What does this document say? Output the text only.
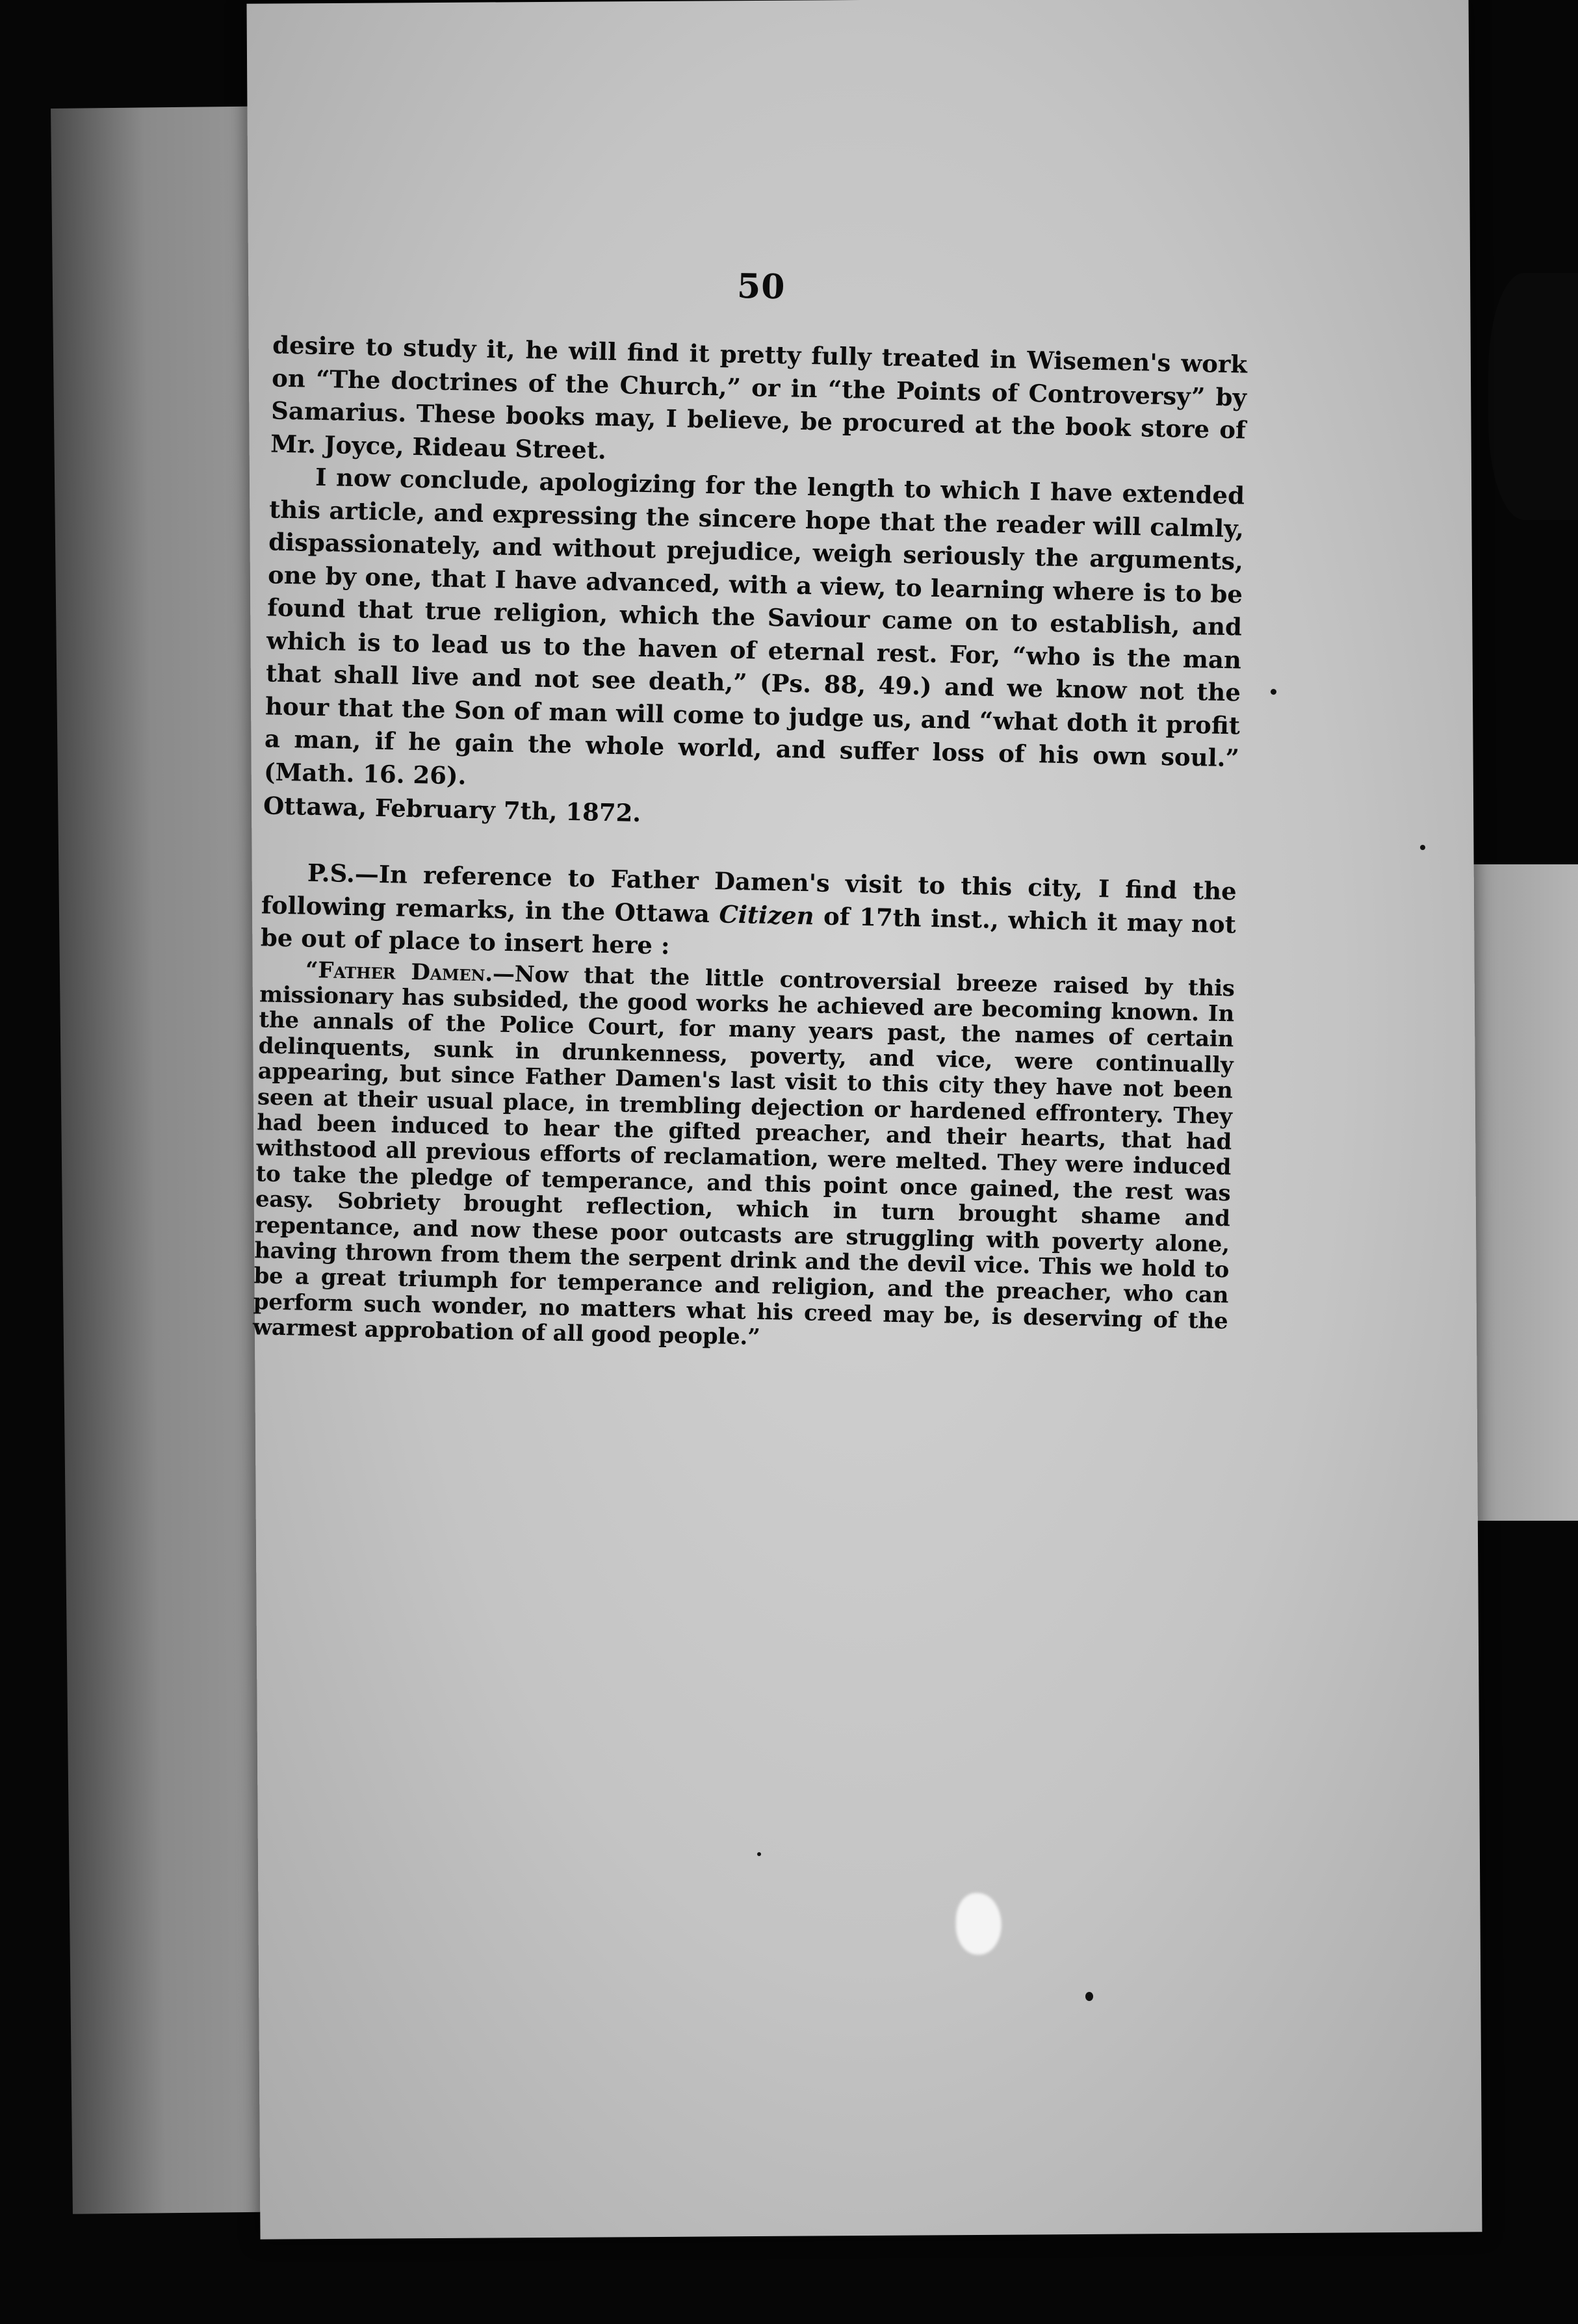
50

desire to study it, he will find it pretty fully treated in Wisemen's work on “The doctrines of the Church,” or in “the Points of Controversy” by Samarius. These books may, I believe, be procured at the book store of Mr. Joyce, Rideau Street.

I now conclude, apologizing for the length to which I have extended this article, and expressing the sincere hope that the reader will calmly, dispassionately, and without prejudice, weigh seriously the arguments, one by one, that I have advanced, with a view, to learning where is to be found that true religion, which the Saviour came on to establish, and which is to lead us to the haven of eternal rest. For, “who is the man that shall live and not see death,” (Ps. 88, 49.) and we know not the hour that the Son of man will come to judge us, and “what doth it profit a man, if he gain the whole world, and suffer loss of his own soul.” (Math. 16. 26).

Ottawa, February 7th, 1872.

P.S.—In reference to Father Damen's visit to this city, I find the following remarks, in the Ottawa Citizen of 17th inst., which it may not be out of place to insert here :

“Father Damen.—Now that the little controversial breeze raised by this missionary has subsided, the good works he achieved are becoming known. In the annals of the Police Court, for many years past, the names of certain delinquents, sunk in drunkenness, poverty, and vice, were continually appearing, but since Father Damen's last visit to this city they have not been seen at their usual place, in trembling dejection or hardened effrontery. They had been induced to hear the gifted preacher, and their hearts, that had withstood all previous efforts of reclamation, were melted. They were induced to take the pledge of temperance, and this point once gained, the rest was easy. Sobriety brought reflection, which in turn brought shame and repentance, and now these poor outcasts are struggling with poverty alone, having thrown from them the serpent drink and the devil vice. This we hold to be a great triumph for temperance and religion, and the preacher, who can perform such wonder, no matters what his creed may be, is deserving of the warmest approbation of all good people.”
